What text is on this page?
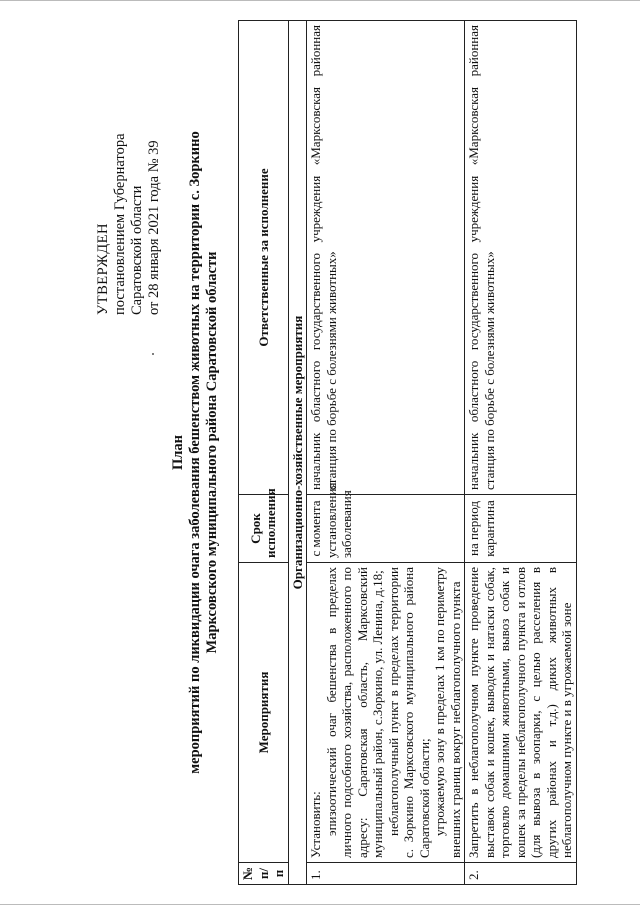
УТВЕРЖДЕН постановлением Губернатора Саратовской области от 28 января 2021 года № 39
План мероприятий по ликвидации очага заболевания бешенством животных на территории с. Зоркино Марксовского муниципального района Саратовской области
№ п/п	Мероприятия	Срок исполнения	Ответственные за исполнение
Организационно-хозяйственные мероприятия			
1.	Установить: эпизоотический очаг бешенства в пределах личного подсобного хозяйства, расположенного по адресу: Саратовская область, Марксовский муниципальный район, с.Зоркино, ул. Ленина, д.18; неблагополучный пункт в пределах территории с. Зоркино Марксовского муниципального района Саратовской области; угрожаемую зону в пределах 1 км по периметру внешних границ вокруг неблагополучного пункта	с момента установления заболевания	начальник областного государственного учреждения «Марксовская районная станция по борьбе с болезнями животных»
2.	Запретить в неблагополучном пункте проведение выставок собак и кошек, выводок и натаски собак, торговлю домашними животными, вывоз собак и кошек за пределы неблагополучного пункта и отлов (для вывоза в зоопарки, с целью расселения в других районах и т.д.) диких животных в неблагополучном пункте и в угрожаемой зоне	на период карантина	начальник областного государственного учреждения «Марксовская районная станция по борьбе с болезнями животных»
